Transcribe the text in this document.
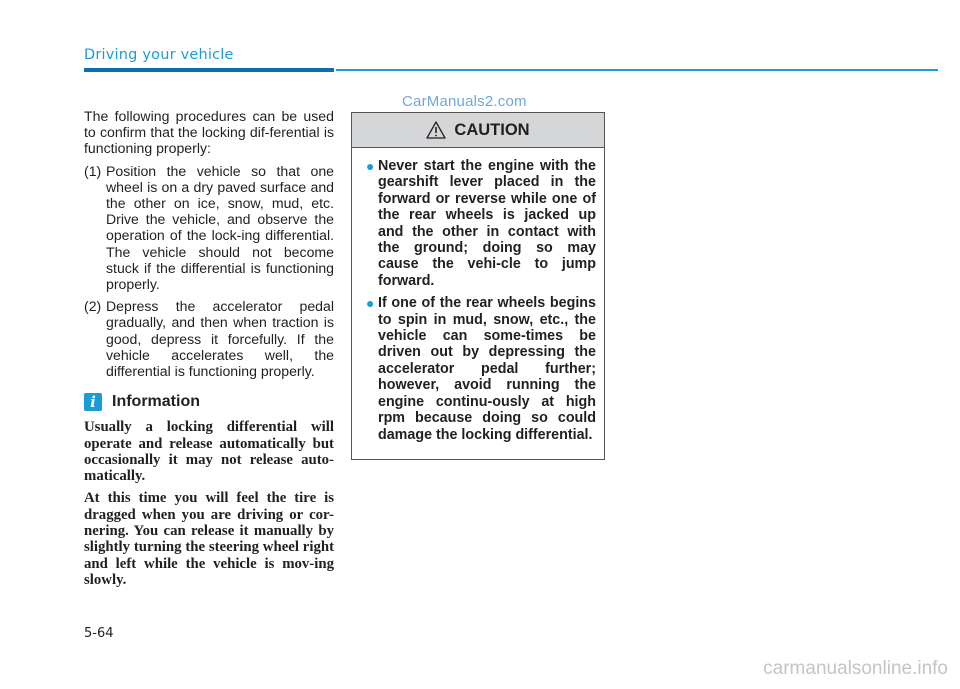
Driving your vehicle
CarManuals2.com

The following procedures can be used to confirm that the locking dif-ferential is functioning properly:

(1) Position the vehicle so that one wheel is on a dry paved surface and the other on ice, snow, mud, etc. Drive the vehicle, and observe the operation of the lock-ing differential. The vehicle should not become stuck if the differential is functioning properly.
(2) Depress the accelerator pedal gradually, and then when traction is good, depress it forcefully. If the vehicle accelerates well, the differential is functioning properly.
i	Information

Usually a locking differential will operate and release automatically but occasionally it may not release auto-matically.

At this time you will feel the tire is dragged when you are driving or cor-nering. You can release it manually by slightly turning the steering wheel right and left while the vehicle is mov-ing slowly.

CAUTION
● Never start the engine with the gearshift lever placed in the forward or reverse while one of the rear wheels is jacked up and the other in contact with the ground; doing so may cause the vehi-cle to jump forward.
● If one of the rear wheels begins to spin in mud, snow, etc., the vehicle can some-times be driven out by depressing the accelerator pedal further; however, avoid running the engine continu-ously at high rpm because doing so could damage the locking differential.
5-64
carmanualsonline.info
